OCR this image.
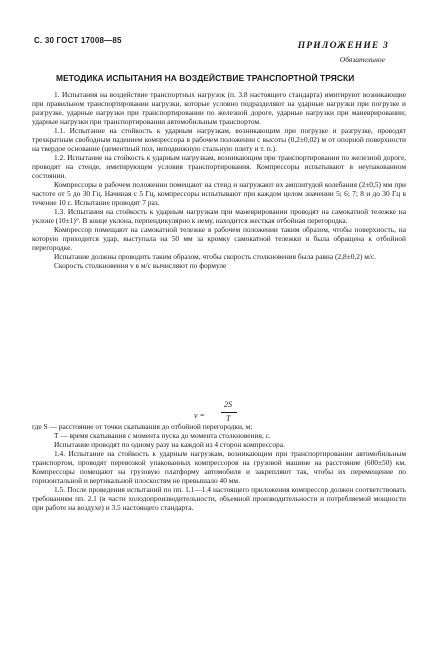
С. 30 ГОСТ 17008—85
ПРИЛОЖЕНИЕ 3
Обязательное
МЕТОДИКА ИСПЫТАНИЯ НА ВОЗДЕЙСТВИЕ ТРАНСПОРТНОЙ ТРЯСКИ

1. Испытания на воздействие транспортных нагрузок (п. 3.8 настоящего стандарта) имитируют возникающие при правильном транспортировании нагрузки, которые условно подразделяют на ударные нагрузки при погрузке и разгрузке, ударные нагрузки при транспортировании по железной дороге, ударные нагрузки при маневрировании; ударные нагрузки при транспортировании автомобильным транспортом.

1.1. Испытание на стойкость к ударным нагрузкам, возникающим при погрузке и разгрузке, проводят трехкратным свободным падением компрессора в рабочем положении с высоты (0,2±0,02) м от опорной поверхности на твердое основание (цементный пол, неподвижную стальную плиту и т. п.).

1.2. Испытание на стойкость к ударным нагрузкам, возникающим при транспортировании по железной дороге, проводят на стенде, имитирующем условия транспортирования. Компрессоры испытывают в неупакованном состоянии.

Компрессоры в рабочем положении помещают на стенд и нагружают их амплитудой колебания (2±0,5) мм при частоте от 5 до 30 Гц. Начиная с 5 Гц, компрессоры испытывают при каждом целом значении 5; 6; 7; 8 и до 30 Гц в течение 10 с. Испытание проводят 7 раз.

1.3. Испытания на стойкость к ударным нагрузкам при маневрировании проводят на самокатной тележке на уклоне (10±1)°. В конце уклона, перпендикулярно к нему, находится жесткая отбойная перегородка.

Компрессор помещают на самокатной тележке в рабочем положении таким образом, чтобы поверхность, на которую приходится удар, выступала на 50 мм за кромку самокатной тележки и была обращена к отбойной перегородке.

Испытание должны проводить таким образом, чтобы скорость столкновения была равна (2,8±0,2) м/с.

Скорость столкновения v в м/с вычисляют по формуле

v =
2S
T

где S — расстояние от точки скатывания до отбойной перегородки, м;

T — время скатывания с момента пуска до момента столкновения, с.

Испытание проводят по одному разу на каждой из 4 сторон компрессора.

1.4. Испытание на стойкость к ударным нагрузкам, возникающим при транспортировании автомобильным транспортом, проводят перевозкой упакованных компрессоров на грузовой машине на расстояние (600±50) км. Компрессоры помещают на грузовую платформу автомобиля и закрепляют так, чтобы их перемещение по горизонтальной и вертикальной плоскостям не превышало 40 мм.

1.5. После проведения испытаний по пп. 1.1—1.4 настоящего приложения компрессор должен соответствовать требованиям пп. 2.1 (в части холодопроизводительности, объемной производительности и потребляемой мощности при работе на воздухе) и 3.5 настоящего стандарта.
